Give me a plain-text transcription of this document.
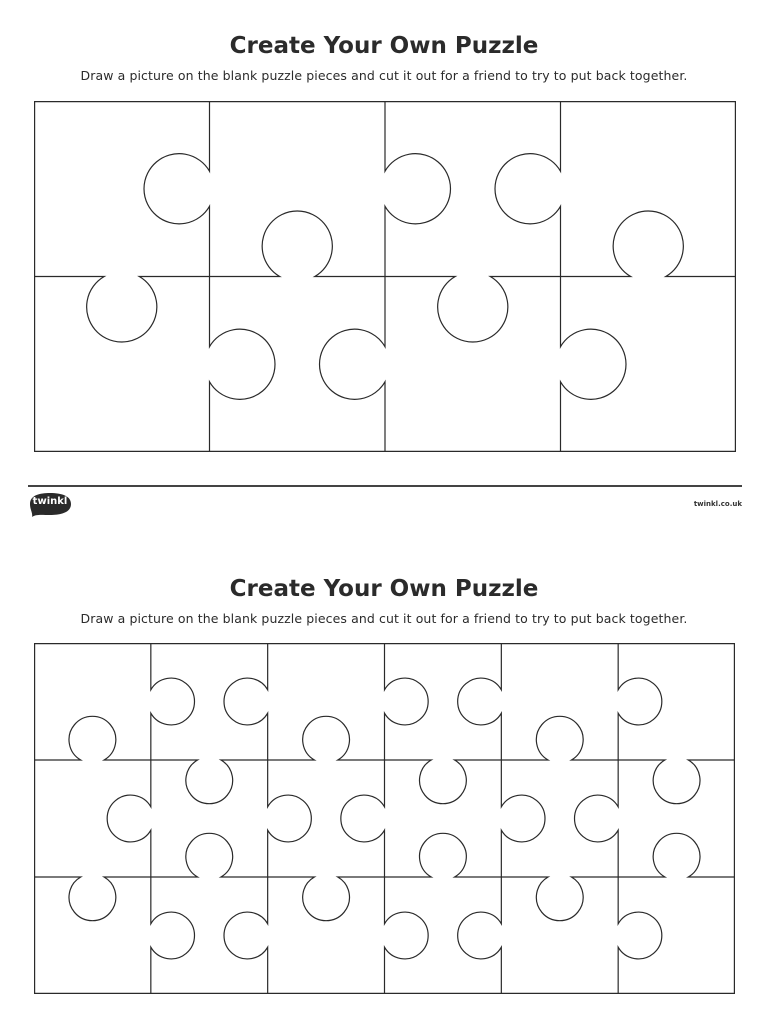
Create Your Own Puzzle
Draw a picture on the blank puzzle pieces and cut it out for a friend to try to put back together.
twinkl	twinkl.co.uk
Create Your Own Puzzle
Draw a picture on the blank puzzle pieces and cut it out for a friend to try to put back together.
